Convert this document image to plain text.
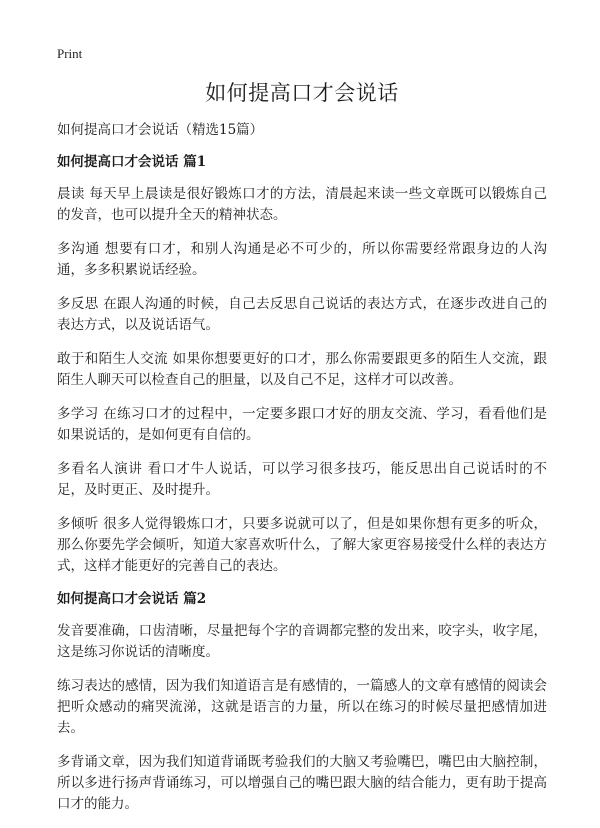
Print
如何提高口才会说话

如何提高口才会说话（精选15篇）

如何提高口才会说话 篇1

晨读 每天早上晨读是很好锻炼口才的方法，清晨起来读一些文章既可以锻炼自己的发音，也可以提升全天的精神状态。

多沟通 想要有口才，和别人沟通是必不可少的，所以你需要经常跟身边的人沟通，多多积累说话经验。

多反思 在跟人沟通的时候，自己去反思自己说话的表达方式，在逐步改进自己的表达方式，以及说话语气。

敢于和陌生人交流 如果你想要更好的口才，那么你需要跟更多的陌生人交流，跟陌生人聊天可以检查自己的胆量，以及自己不足，这样才可以改善。

多学习 在练习口才的过程中，一定要多跟口才好的朋友交流、学习，看看他们是如果说话的，是如何更有自信的。

多看名人演讲 看口才牛人说话，可以学习很多技巧，能反思出自己说话时的不足，及时更正、及时提升。

多倾听 很多人觉得锻炼口才，只要多说就可以了，但是如果你想有更多的听众，那么你要先学会倾听，知道大家喜欢听什么，了解大家更容易接受什么样的表达方式，这样才能更好的完善自己的表达。

如何提高口才会说话 篇2

发音要准确，口齿清晰，尽量把每个字的音调都完整的发出来，咬字头，收字尾，这是练习你说话的清晰度。

练习表达的感情，因为我们知道语言是有感情的，一篇感人的文章有感情的阅读会把听众感动的痛哭流涕，这就是语言的力量，所以在练习的时候尽量把感情加进去。

多背诵文章，因为我们知道背诵既考验我们的大脑又考验嘴巴，嘴巴由大脑控制，所以多进行扬声背诵练习，可以增强自己的嘴巴跟大脑的结合能力，更有助于提高口才的能力。
